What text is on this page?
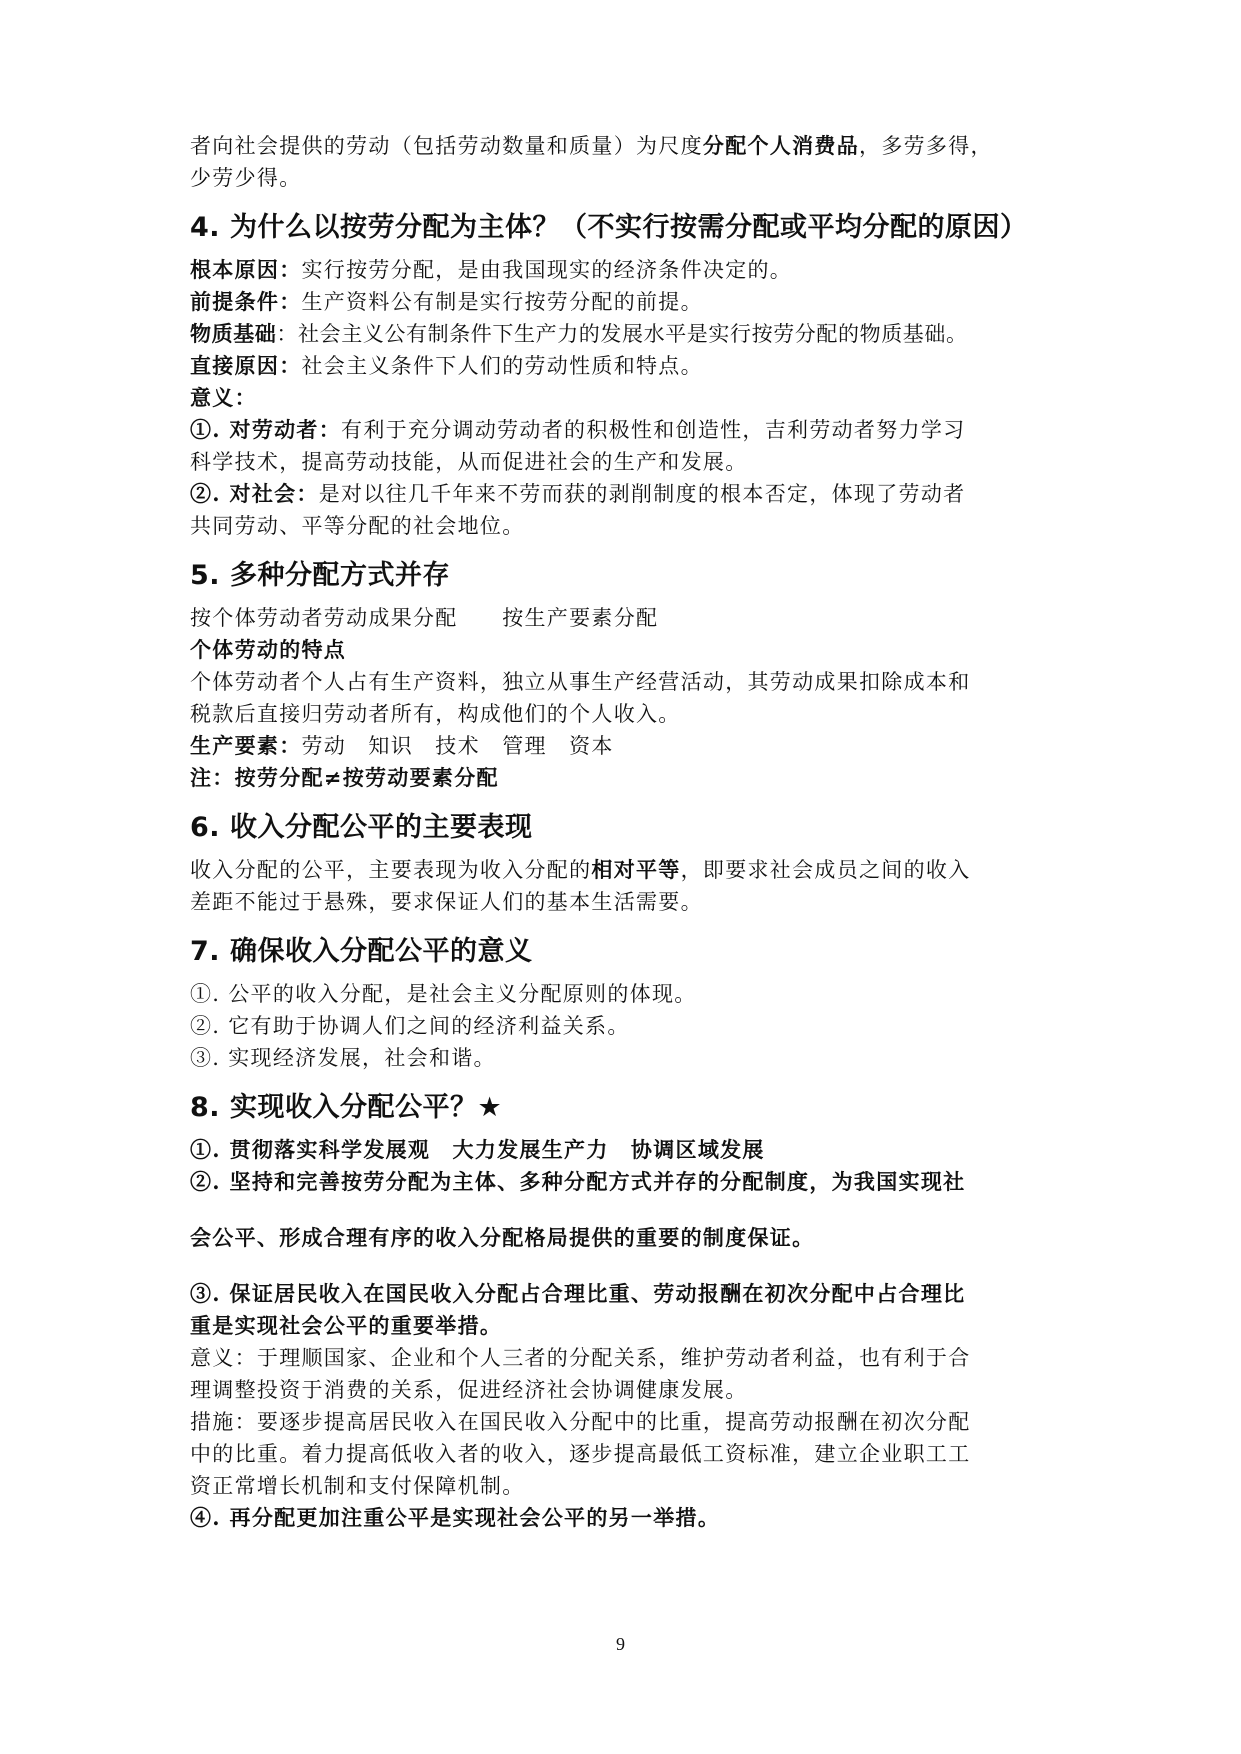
者向社会提供的劳动（包括劳动数量和质量）为尺度分配个人消费品，多劳多得，

少劳少得。

4. 为什么以按劳分配为主体？（不实行按需分配或平均分配的原因）

根本原因：实行按劳分配，是由我国现实的经济条件决定的。

前提条件：生产资料公有制是实行按劳分配的前提。

物质基础：社会主义公有制条件下生产力的发展水平是实行按劳分配的物质基础。

直接原因：社会主义条件下人们的劳动性质和特点。

意义：

①. 对劳动者：有利于充分调动劳动者的积极性和创造性，吉利劳动者努力学习

科学技术，提高劳动技能，从而促进社会的生产和发展。

②. 对社会：是对以往几千年来不劳而获的剥削制度的根本否定，体现了劳动者

共同劳动、平等分配的社会地位。

5. 多种分配方式并存

按个体劳动者劳动成果分配　　按生产要素分配

个体劳动的特点

个体劳动者个人占有生产资料，独立从事生产经营活动，其劳动成果扣除成本和

税款后直接归劳动者所有，构成他们的个人收入。

生产要素：劳动　知识　技术　管理　资本

注：按劳分配≠按劳动要素分配

6. 收入分配公平的主要表现

收入分配的公平，主要表现为收入分配的相对平等，即要求社会成员之间的收入

差距不能过于悬殊，要求保证人们的基本生活需要。

7. 确保收入分配公平的意义

①. 公平的收入分配，是社会主义分配原则的体现。

②. 它有助于协调人们之间的经济利益关系。

③. 实现经济发展，社会和谐。

8. 实现收入分配公平？★

①. 贯彻落实科学发展观　大力发展生产力　协调区域发展

②. 坚持和完善按劳分配为主体、多种分配方式并存的分配制度，为我国实现社

会公平、形成合理有序的收入分配格局提供的重要的制度保证。

③. 保证居民收入在国民收入分配占合理比重、劳动报酬在初次分配中占合理比

重是实现社会公平的重要举措。

意义：于理顺国家、企业和个人三者的分配关系，维护劳动者利益，也有利于合

理调整投资于消费的关系，促进经济社会协调健康发展。

措施：要逐步提高居民收入在国民收入分配中的比重，提高劳动报酬在初次分配

中的比重。着力提高低收入者的收入，逐步提高最低工资标准，建立企业职工工

资正常增长机制和支付保障机制。

④. 再分配更加注重公平是实现社会公平的另一举措。

9
